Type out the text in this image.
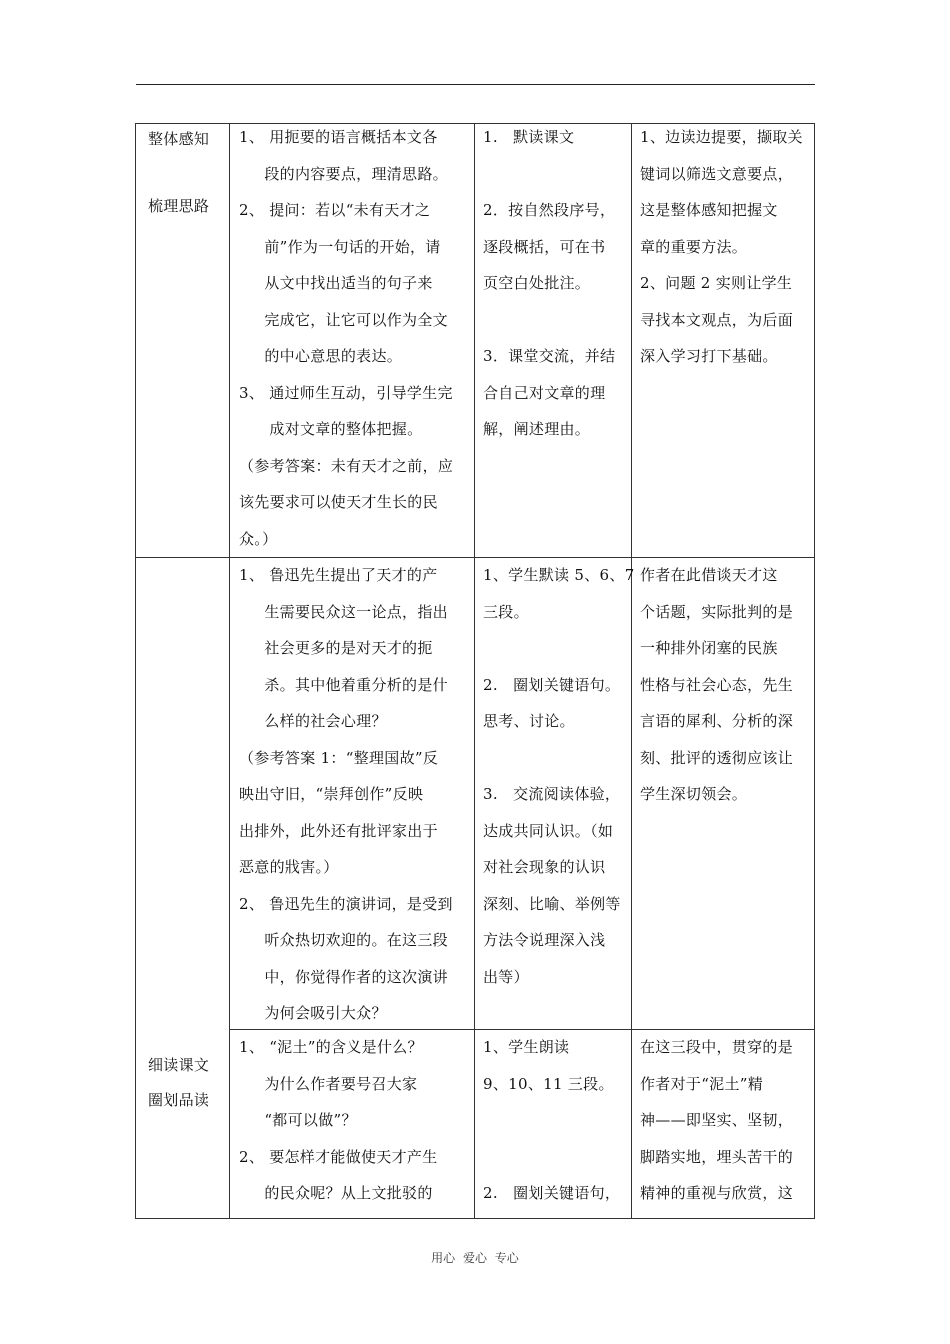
整体感知
梳理思路
1、 用扼要的语言概括本文各
段的内容要点，理清思路。
2、 提问：若以“未有天才之
前”作为一句话的开始，请
从文中找出适当的句子来
完成它，让它可以作为全文
的中心意思的表达。
3、 通过师生互动，引导学生完
成对文章的整体把握。
（参考答案：未有天才之前，应
该先要求可以使天才生长的民
众。）
1.   默读课文
2．按自然段序号，
逐段概括，可在书
页空白处批注。
3．课堂交流，并结
合自己对文章的理
解，阐述理由。
1、边读边提要，撷取关
键词以筛选文意要点，
这是整体感知把握文
章的重要方法。
2、问题 2 实则让学生
寻找本文观点，为后面
深入学习打下基础。
细读课文
圈划品读
1、 鲁迅先生提出了天才的产
生需要民众这一论点，指出
社会更多的是对天才的扼
杀。其中他着重分析的是什
么样的社会心理？
（参考答案 1：“整理国故”反
映出守旧，“崇拜创作”反映
出排外，此外还有批评家出于
恶意的戕害。）
2、 鲁迅先生的演讲词，是受到
听众热切欢迎的。在这三段
中，你觉得作者的这次演讲
为何会吸引大众？
1、学生默读 5、6、7
三段。
2.   圈划关键语句。
思考、讨论。
3.   交流阅读体验，
达成共同认识。（如
对社会现象的认识
深刻、比喻、举例等
方法令说理深入浅
出等）
作者在此借谈天才这
个话题，实际批判的是
一种排外闭塞的民族
性格与社会心态，先生
言语的犀利、分析的深
刻、批评的透彻应该让
学生深切领会。
1、 “泥土”的含义是什么？
为什么作者要号召大家
“都可以做”？
2、 要怎样才能做使天才产生
的民众呢？从上文批驳的
1、学生朗读
9、10、11 三段。
2.   圈划关键语句，
在这三段中，贯穿的是
作者对于“泥土”精
神——即坚实、坚韧，
脚踏实地，埋头苦干的
精神的重视与欣赏，这
用心 爱心 专心
